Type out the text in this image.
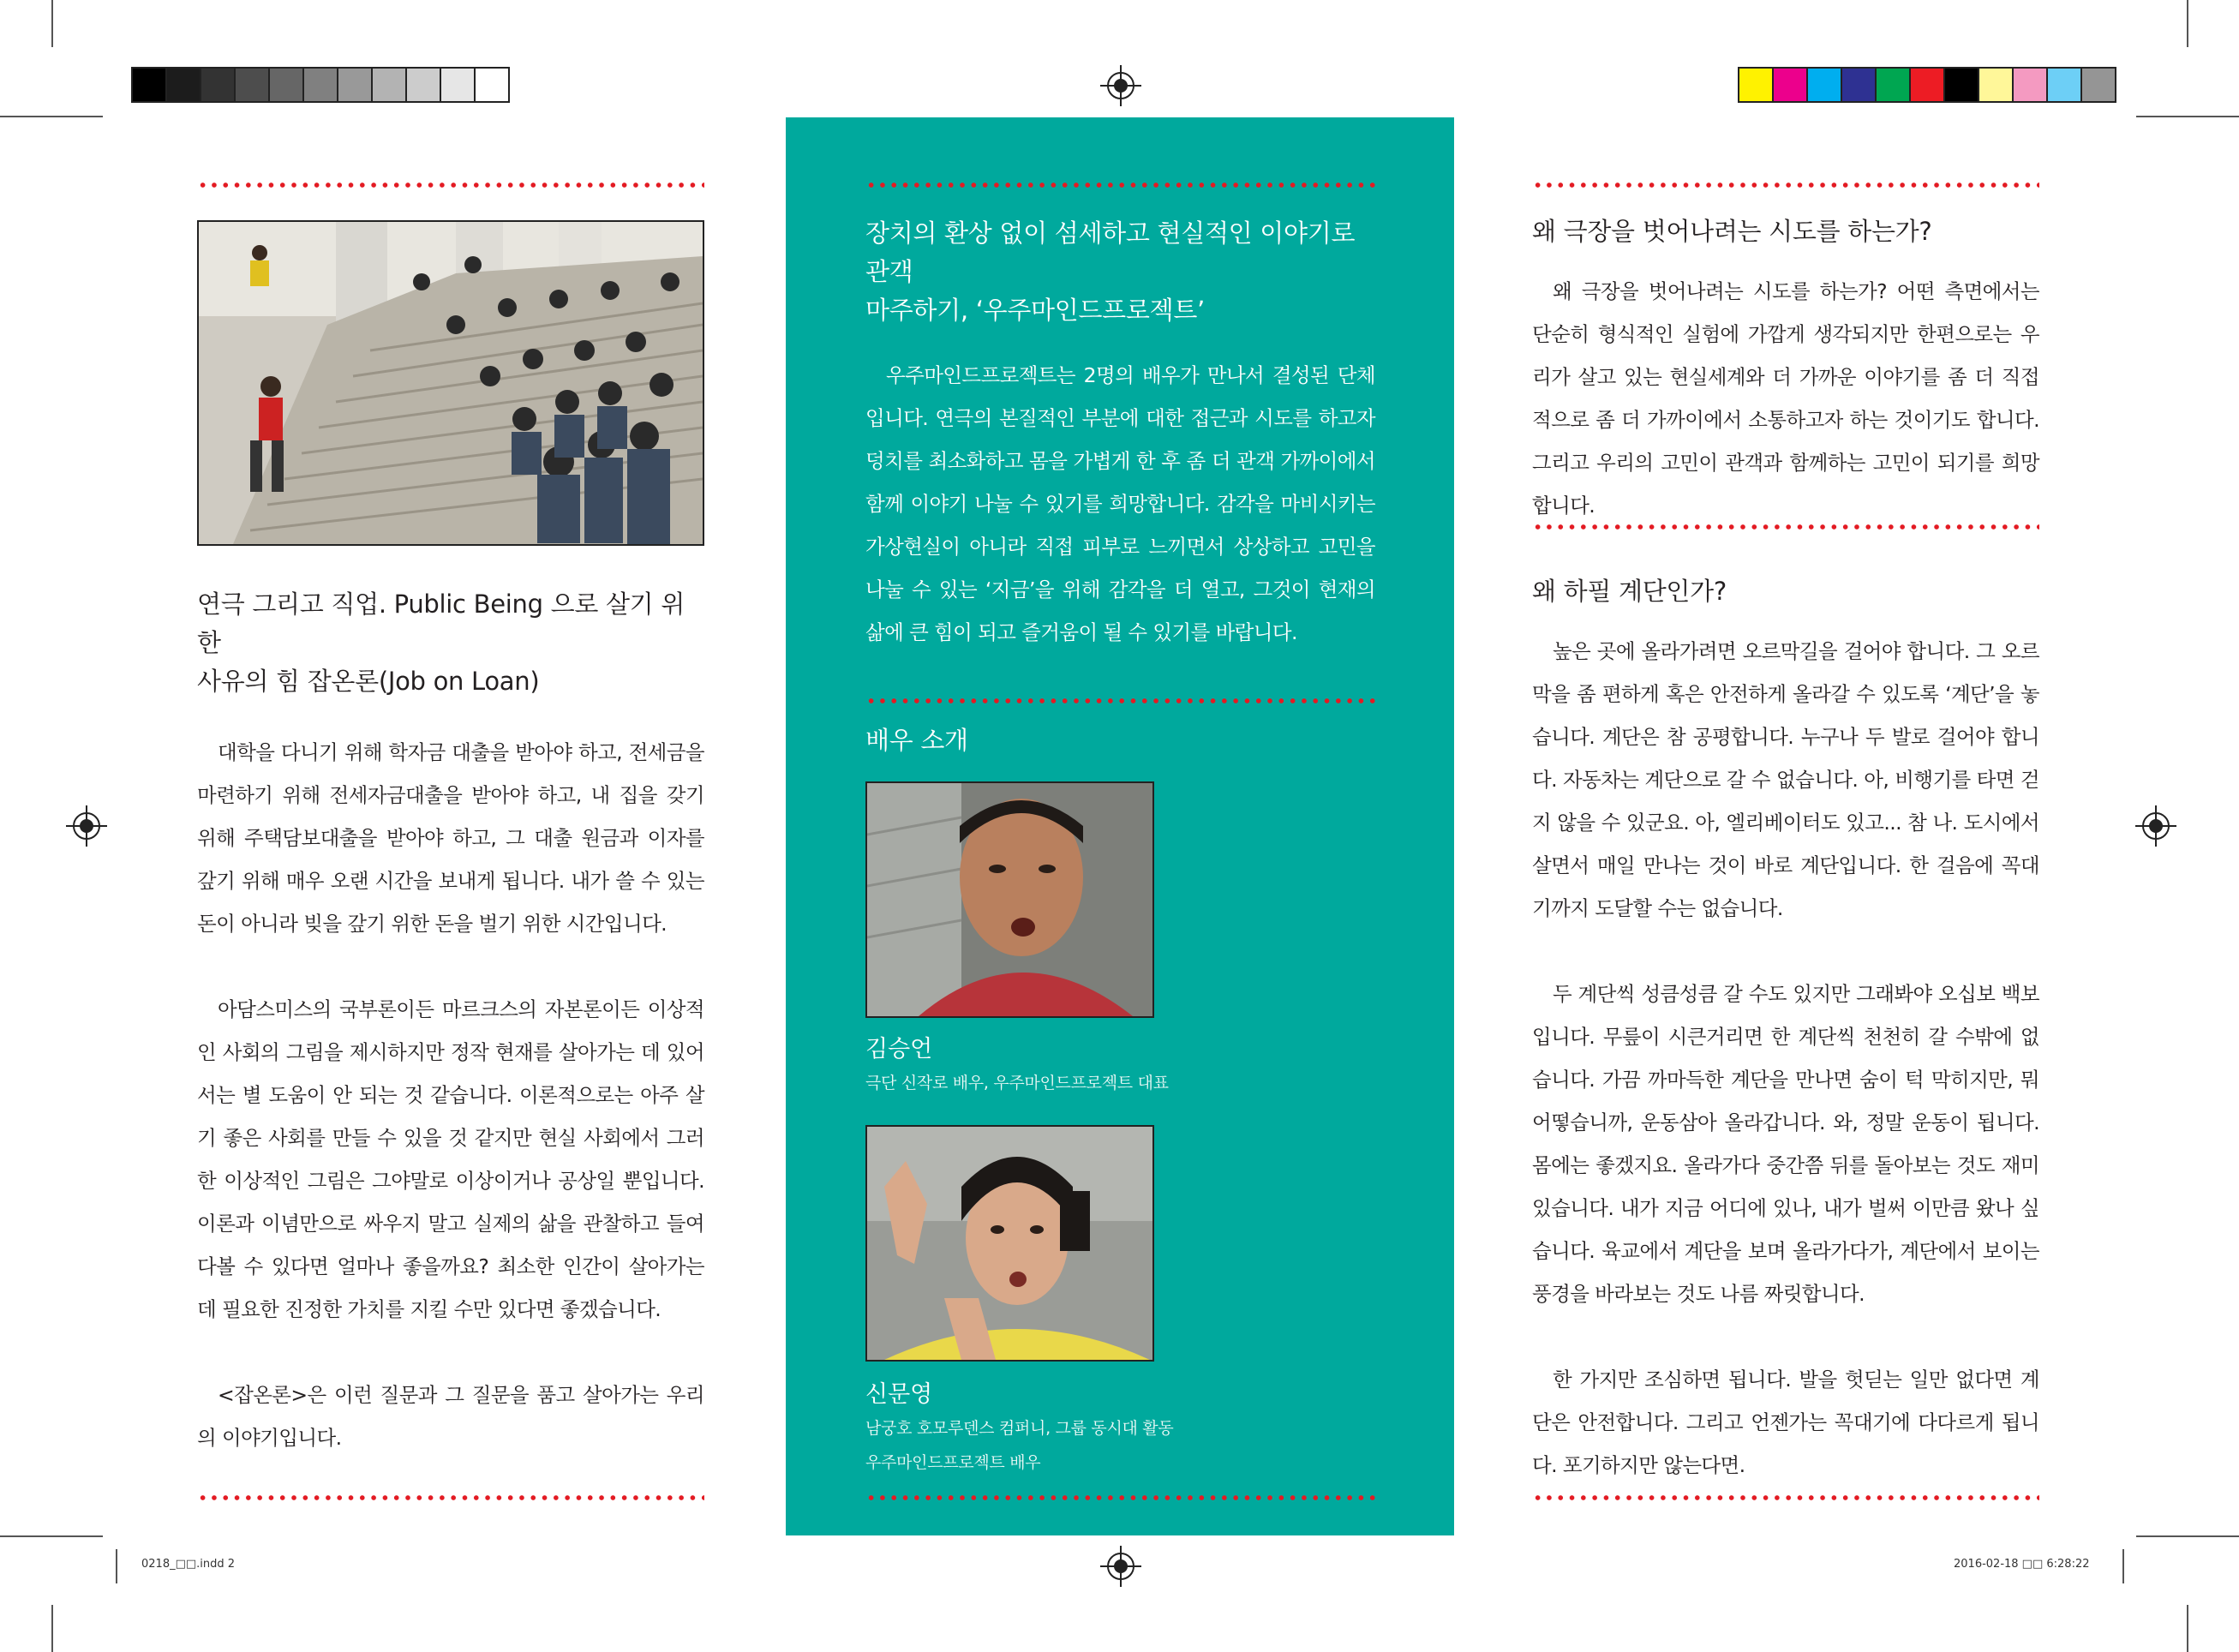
0218_□□.indd 2	2016-02-18 □□ 6:28:22
연극 그리고 직업. Public Being 으로 살기 위한
사유의 힘 잡온론(Job on Loan)

대학을 다니기 위해 학자금 대출을 받아야 하고, 전세금을 마련하기 위해 전세자금대출을 받아야 하고, 내 집을 갖기 위해 주택담보대출을 받아야 하고, 그 대출 원금과 이자를 갚기 위해 매우 오랜 시간을 보내게 됩니다. 내가 쓸 수 있는 돈이 아니라 빚을 갚기 위한 돈을 벌기 위한 시간입니다.

아담스미스의 국부론이든 마르크스의 자본론이든 이상적인 사회의 그림을 제시하지만 정작 현재를 살아가는 데 있어서는 별 도움이 안 되는 것 같습니다. 이론적으로는 아주 살기 좋은 사회를 만들 수 있을 것 같지만 현실 사회에서 그러한 이상적인 그림은 그야말로 이상이거나 공상일 뿐입니다. 이론과 이념만으로 싸우지 말고 실제의 삶을 관찰하고 들여다볼 수 있다면 얼마나 좋을까요? 최소한 인간이 살아가는 데 필요한 진정한 가치를 지킬 수만 있다면 좋겠습니다.

<잡온론>은 이런 질문과 그 질문을 품고 살아가는 우리의 이야기입니다.

장치의 환상 없이 섬세하고 현실적인 이야기로 관객
마주하기, ‘우주마인드프로젝트’

우주마인드프로젝트는 2명의 배우가 만나서 결성된 단체입니다. 연극의 본질적인 부분에 대한 접근과 시도를 하고자 덩치를 최소화하고 몸을 가볍게 한 후 좀 더 관객 가까이에서 함께 이야기 나눌 수 있기를 희망합니다. 감각을 마비시키는 가상현실이 아니라 직접 피부로 느끼면서 상상하고 고민을 나눌 수 있는 ‘지금’을 위해 감각을 더 열고, 그것이 현재의 삶에 큰 힘이 되고 즐거움이 될 수 있기를 바랍니다.

배우 소개
김승언
극단 신작로 배우, 우주마인드프로젝트 대표
신문영
남궁호 호모루덴스 컴퍼니, 그룹 동시대 활동
우주마인드프로젝트 배우
왜 극장을 벗어나려는 시도를 하는가?

왜 극장을 벗어나려는 시도를 하는가? 어떤 측면에서는 단순히 형식적인 실험에 가깝게 생각되지만 한편으로는 우리가 살고 있는 현실세계와 더 가까운 이야기를 좀 더 직접적으로 좀 더 가까이에서 소통하고자 하는 것이기도 합니다. 그리고 우리의 고민이 관객과 함께하는 고민이 되기를 희망합니다.

왜 하필 계단인가?

높은 곳에 올라가려면 오르막길을 걸어야 합니다. 그 오르막을 좀 편하게 혹은 안전하게 올라갈 수 있도록 ‘계단’을 놓습니다. 계단은 참 공평합니다. 누구나 두 발로 걸어야 합니다. 자동차는 계단으로 갈 수 없습니다. 아, 비행기를 타면 걷지 않을 수 있군요. 아, 엘리베이터도 있고... 참 나. 도시에서 살면서 매일 만나는 것이 바로 계단입니다. 한 걸음에 꼭대기까지 도달할 수는 없습니다.

두 계단씩 성큼성큼 갈 수도 있지만 그래봐야 오십보 백보입니다. 무릎이 시큰거리면 한 계단씩 천천히 갈 수밖에 없습니다. 가끔 까마득한 계단을 만나면 숨이 턱 막히지만, 뭐어떻습니까, 운동삼아 올라갑니다. 와, 정말 운동이 됩니다. 몸에는 좋겠지요. 올라가다 중간쯤 뒤를 돌아보는 것도 재미있습니다. 내가 지금 어디에 있나, 내가 벌써 이만큼 왔나 싶습니다. 육교에서 계단을 보며 올라가다가, 계단에서 보이는 풍경을 바라보는 것도 나름 짜릿합니다.

한 가지만 조심하면 됩니다. 발을 헛딛는 일만 없다면 계단은 안전합니다. 그리고 언젠가는 꼭대기에 다다르게 됩니다. 포기하지만 않는다면.
